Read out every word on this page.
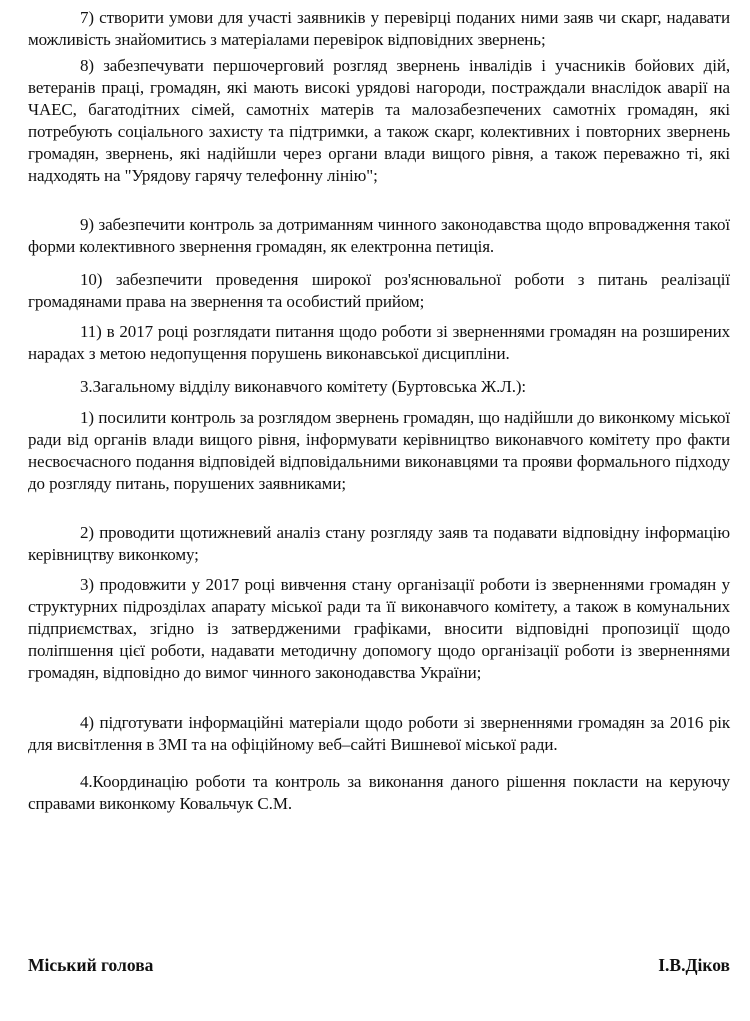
7) створити умови для участі заявників у перевірці поданих ними заяв чи скарг, надавати можливість знайомитись з матеріалами перевірок відповідних звернень;

8) забезпечувати першочерговий розгляд звернень інвалідів і учасників бойових дій, ветеранів праці, громадян, які мають високі урядові нагороди, постраждали внаслідок аварії на ЧАЕС, багатодітних сімей, самотніх матерів та малозабезпечених самотніх громадян, які потребують соціального захисту та підтримки, а також скарг, колективних і повторних звернень громадян, звернень, які надійшли через органи влади вищого рівня, а також переважно ті, які надходять на "Урядову гарячу телефонну лінію";

9) забезпечити контроль за дотриманням чинного законодавства щодо впровадження такої форми колективного звернення громадян, як електронна петиція.

10) забезпечити проведення широкої роз'яснювальної роботи з питань реалізації громадянами права на звернення та особистий прийом;

11) в 2017 році розглядати питання щодо роботи зі зверненнями громадян на розширених нарадах з метою недопущення порушень виконавської дисципліни.

3.Загальному відділу виконавчого комітету (Буртовська Ж.Л.):

1) посилити контроль за розглядом звернень громадян, що надійшли до виконкому міської ради від органів влади вищого рівня, інформувати керівництво виконавчого комітету про факти несвоєчасного подання відповідей відповідальними виконавцями та прояви формального підходу до розгляду питань, порушених заявниками;

2) проводити щотижневий аналіз стану розгляду заяв та подавати відповідну інформацію керівництву виконкому;

3) продовжити у 2017 році вивчення стану організації роботи із зверненнями громадян у структурних підрозділах апарату міської ради та її виконавчого комітету, а також в комунальних підприємствах, згідно із затвердженими графіками, вносити відповідні пропозиції щодо поліпшення цієї роботи, надавати методичну допомогу щодо організації роботи із зверненнями громадян, відповідно до вимог чинного законодавства України;

4) підготувати інформаційні матеріали щодо роботи зі зверненнями громадян за 2016 рік для висвітлення в ЗМІ та на офіційному веб–сайті Вишневої міської ради.

4.Координацію роботи та контроль за виконання даного рішення покласти на керуючу справами виконкому Ковальчук С.М.

Міський голова	І.В.Діков
